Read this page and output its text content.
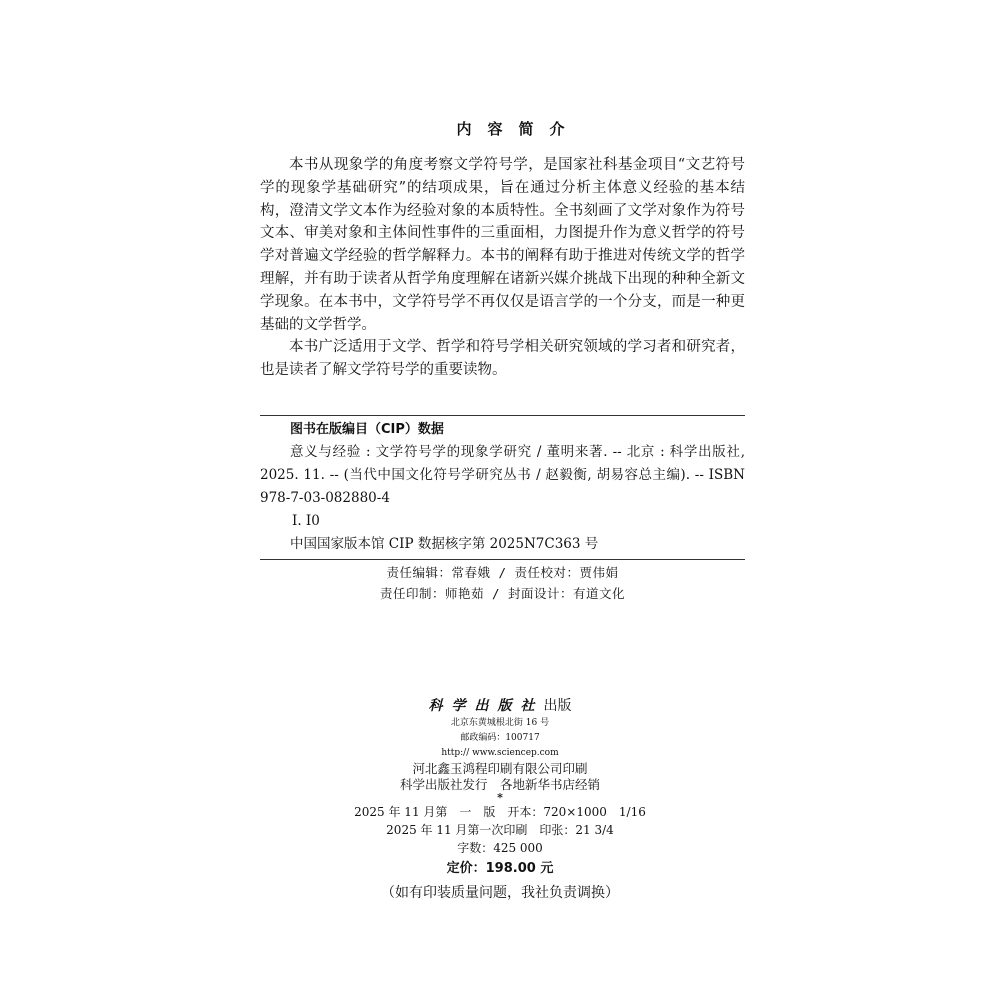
内容简介
本书从现象学的角度考察文学符号学，是国家社科基金项目“文艺符号学的现象学基础研究”的结项成果，旨在通过分析主体意义经验的基本结构，澄清文学文本作为经验对象的本质特性。全书刻画了文学对象作为符号文本、审美对象和主体间性事件的三重面相，力图提升作为意义哲学的符号学对普遍文学经验的哲学解释力。本书的阐释有助于推进对传统文学的哲学理解，并有助于读者从哲学角度理解在诸新兴媒介挑战下出现的种种全新文学现象。在本书中，文学符号学不再仅仅是语言学的一个分支，而是一种更基础的文学哲学。
本书广泛适用于文学、哲学和符号学相关研究领域的学习者和研究者，也是读者了解文学符号学的重要读物。
图书在版编目（CIP）数据
意义与经验 : 文学符号学的现象学研究 / 董明来著. -- 北京 : 科学出版社, 2025. 11. -- (当代中国文化符号学研究丛书 / 赵毅衡, 胡易容总主编). -- ISBN 978-7-03-082880-4
Ⅰ. I0
中国国家版本馆 CIP 数据核字第 2025N7C363 号
责任编辑：常春娥 / 责任校对：贾伟娟
责任印制：师艳茹 / 封面设计：有道文化
科学出版社出版
北京东黄城根北街 16 号
邮政编码：100717
http:// www.sciencep.com
河北鑫玉鸿程印刷有限公司印刷
科学出版社发行　各地新华书店经销
*
2025 年 11 月第　一　版　开本：720×1000　1/16
2025 年 11 月第一次印刷　印张：21 3/4
字数：425 000
定价：198.00 元
（如有印装质量问题，我社负责调换）
